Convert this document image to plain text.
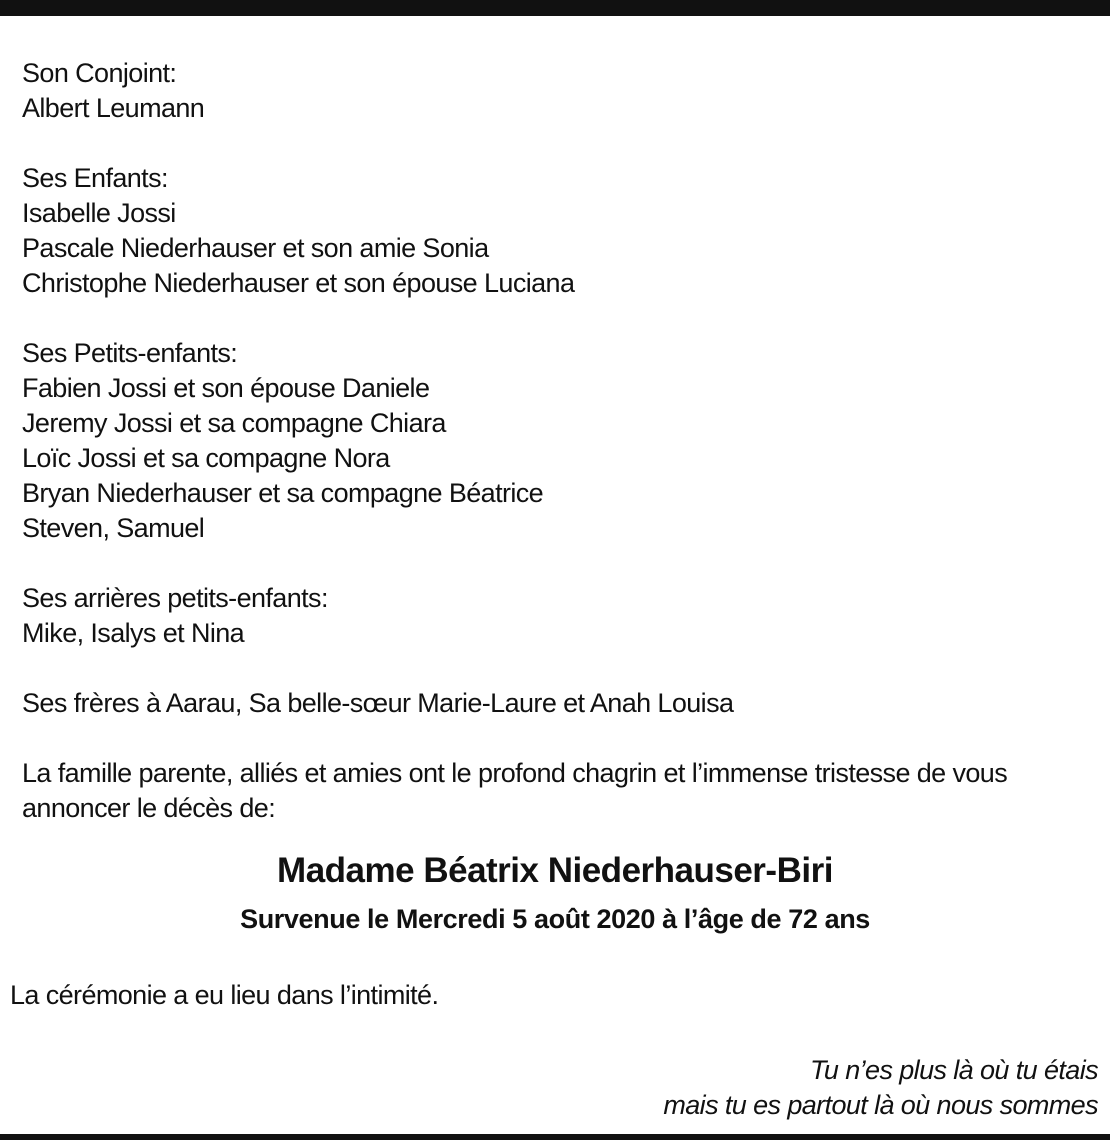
Son Conjoint:
Albert Leumann
Ses Enfants:
Isabelle Jossi
Pascale Niederhauser et son amie Sonia
Christophe Niederhauser et son épouse Luciana
Ses Petits-enfants:
Fabien Jossi et son épouse Daniele
Jeremy Jossi et sa compagne Chiara
Loïc Jossi et sa compagne Nora
Bryan Niederhauser et sa compagne Béatrice
Steven, Samuel
Ses arrières petits-enfants:
Mike, Isalys et Nina
Ses frères à Aarau, Sa belle-sœur Marie-Laure et Anah Louisa

La famille parente, alliés et amies ont le profond chagrin et l’immense tristesse de vous annoncer le décès de:

Madame Béatrix Niederhauser-Biri
Survenue le Mercredi 5 août 2020 à l’âge de 72 ans
La cérémonie a eu lieu dans l’intimité.
Tu n’es plus là où tu étais
mais tu es partout là où nous sommes
